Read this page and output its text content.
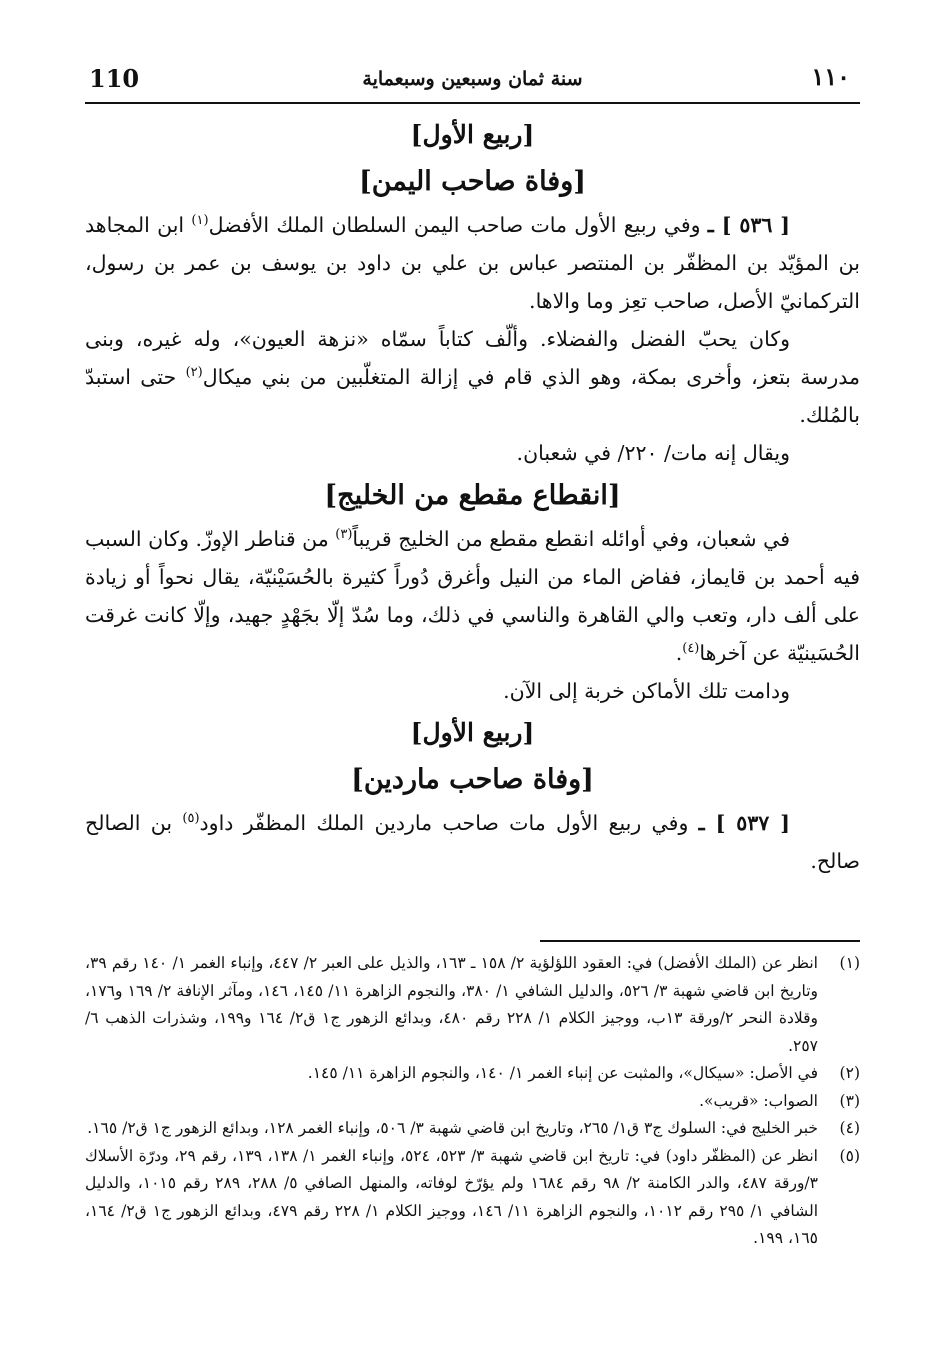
110	سنة ثمان وسبعين وسبعماية	١١٠

[ربيع الأول]

[وفاة صاحب اليمن]

[ ٥٣٦ ] ـ وفي ربيع الأول مات صاحب اليمن السلطان الملك الأفضل$^{(١)}$ ابن المجاهد بن المؤيّد بن المظفّر بن المنتصر عباس بن علي بن داود بن يوسف بن عمر بن رسول، التركمانيّ الأصل، صاحب تعِز وما والاها.

وكان يحبّ الفضل والفضلاء. وألّف كتاباً سمّاه «نزهة العيون»، وله غيره، وبنى مدرسة بتعز، وأخرى بمكة، وهو الذي قام في إزالة المتغلّبين من بني ميكال$^{(٢)}$ حتى استبدّ بالمُلك.

ويقال إنه مات/ ٢٢٠/ في شعبان.

[انقطاع مقطع من الخليج]

في شعبان، وفي أوائله انقطع مقطع من الخليج قريباً$^{(٣)}$ من قناطر الإوزّ. وكان السبب فيه أحمد بن قايماز، ففاض الماء من النيل وأغرق دُوراً كثيرة بالحُسَيْنيّة، يقال نحواً أو زيادة على ألف دار، وتعب والي القاهرة والناسي في ذلك، وما سُدّ إلّا بجَهْدٍ جهيد، وإلّا كانت غرقت الحُسَينيّة عن آخرها$^{(٤)}$.

ودامت تلك الأماكن خربة إلى الآن.

[ربيع الأول]

[وفاة صاحب ماردين]

[ ٥٣٧ ] ـ وفي ربيع الأول مات صاحب ماردين الملك المظفّر داود$^{(٥)}$ بن الصالح صالح.

(١)
انظر عن (الملك الأفضل) في: العقود اللؤلؤية ٢/ ١٥٨ ـ ١٦٣، والذيل على العبر ٢/ ٤٤٧، وإنباء الغمر ١/ ١٤٠ رقم ٣٩، وتاريخ ابن قاضي شهبة ٣/ ٥٢٦، والدليل الشافي ١/ ٣٨٠، والنجوم الزاهرة ١١/ ١٤٥، ١٤٦، ومآثر الإنافة ٢/ ١٦٩ و١٧٦، وقلادة النحر ٢/ورقة ١٣ب، ووجيز الكلام ١/ ٢٢٨ رقم ٤٨٠، وبدائع الزهور ج١ ق٢/ ١٦٤ و١٩٩، وشذرات الذهب ٦/ ٢٥٧.
(٢)
في الأصل: «سيكال»، والمثبت عن إنباء الغمر ١/ ١٤٠، والنجوم الزاهرة ١١/ ١٤٥.
(٣)
الصواب: «قريب».
(٤)
خبر الخليج في: السلوك ج٣ ق١/ ٢٦٥، وتاريخ ابن قاضي شهبة ٣/ ٥٠٦، وإنباء الغمر ١٢٨، وبدائع الزهور ج١ ق٢/ ١٦٥.
(٥)
انظر عن (المظفّر داود) في: تاريخ ابن قاضي شهبة ٣/ ٥٢٣، ٥٢٤، وإنباء الغمر ١/ ١٣٨، ١٣٩، رقم ٢٩، ودرّة الأسلاك ٣/ورقة ٤٨٧، والدر الكامنة ٢/ ٩٨ رقم ١٦٨٤ ولم يؤرّخ لوفاته، والمنهل الصافي ٥/ ٢٨٨، ٢٨٩ رقم ١٠١٥، والدليل الشافي ١/ ٢٩٥ رقم ١٠١٢، والنجوم الزاهرة ١١/ ١٤٦، ووجيز الكلام ١/ ٢٢٨ رقم ٤٧٩، وبدائع الزهور ج١ ق٢/ ١٦٤، ١٦٥، ١٩٩.
